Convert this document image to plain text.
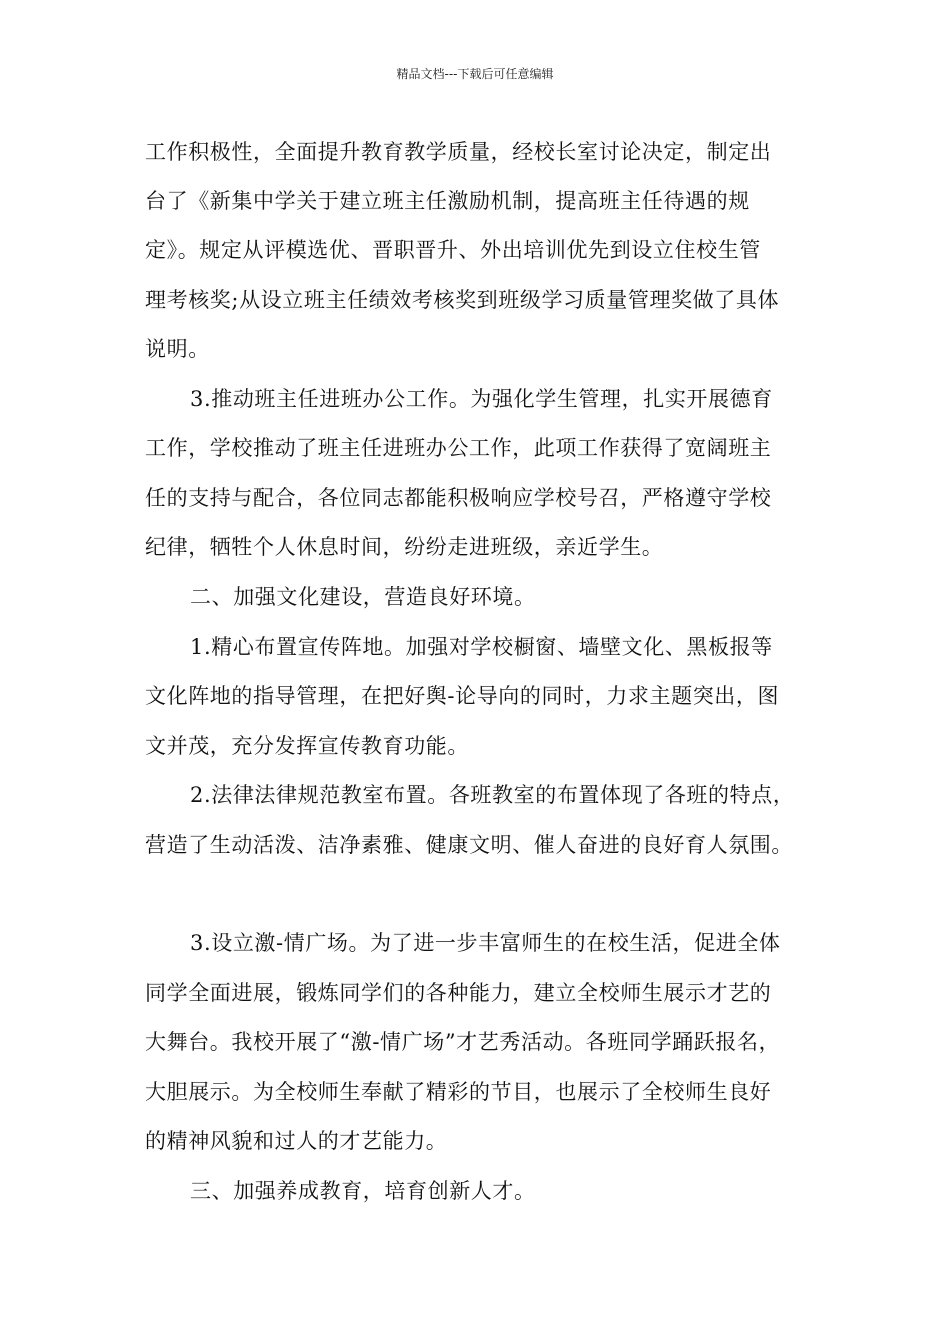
精品文档---下载后可任意编辑
工作积极性，全面提升教育教学质量，经校长室讨论决定，制定出
台了《新集中学关于建立班主任激励机制，提高班主任待遇的规
定》。规定从评模选优、晋职晋升、外出培训优先到设立住校生管
理考核奖;从设立班主任绩效考核奖到班级学习质量管理奖做了具体
说明。
3.推动班主任进班办公工作。为强化学生管理，扎实开展德育
工作，学校推动了班主任进班办公工作，此项工作获得了宽阔班主
任的支持与配合，各位同志都能积极响应学校号召，严格遵守学校
纪律，牺牲个人休息时间，纷纷走进班级，亲近学生。
二、加强文化建设，营造良好环境。
1.精心布置宣传阵地。加强对学校橱窗、墙壁文化、黑板报等
文化阵地的指导管理，在把好舆-论导向的同时，力求主题突出，图
文并茂，充分发挥宣传教育功能。
2.法律法律规范教室布置。各班教室的布置体现了各班的特点，
营造了生动活泼、洁净素雅、健康文明、催人奋进的良好育人氛围。
3.设立激-情广场。为了进一步丰富师生的在校生活，促进全体
同学全面进展，锻炼同学们的各种能力，建立全校师生展示才艺的
大舞台。我校开展了“激-情广场”才艺秀活动。各班同学踊跃报名，
大胆展示。为全校师生奉献了精彩的节目，也展示了全校师生良好
的精神风貌和过人的才艺能力。
三、加强养成教育，培育创新人才。
